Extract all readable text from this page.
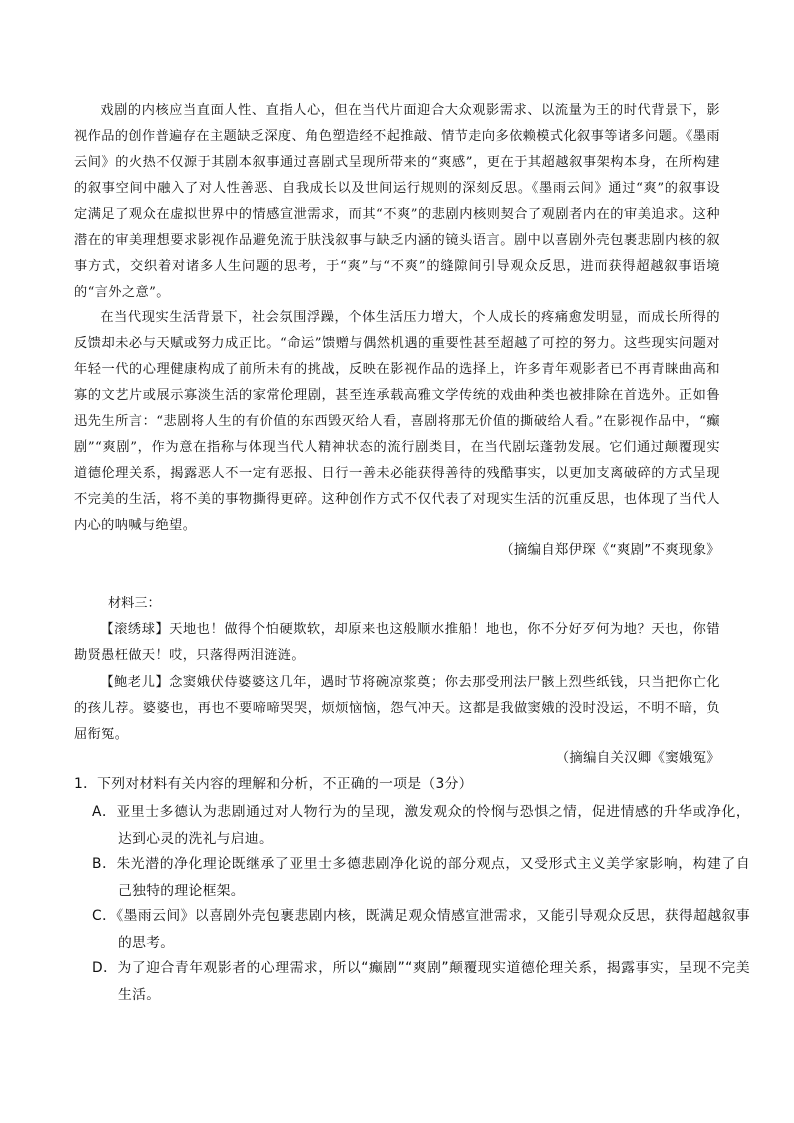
戏剧的内核应当直面人性、直指人心，但在当代片面迎合大众观影需求、以流量为王的时代背景下，影视作品的创作普遍存在主题缺乏深度、角色塑造经不起推敲、情节走向多依赖模式化叙事等诸多问题。《墨雨云间》的火热不仅源于其剧本叙事通过喜剧式呈现所带来的“爽感”，更在于其超越叙事架构本身，在所构建的叙事空间中融入了对人性善恶、自我成长以及世间运行规则的深刻反思。《墨雨云间》通过“爽”的叙事设定满足了观众在虚拟世界中的情感宣泄需求，而其“不爽”的悲剧内核则契合了观剧者内在的审美追求。这种潜在的审美理想要求影视作品避免流于肤浅叙事与缺乏内涵的镜头语言。剧中以喜剧外壳包裹悲剧内核的叙事方式，交织着对诸多人生问题的思考，于“爽”与“不爽”的缝隙间引导观众反思，进而获得超越叙事语境的“言外之意”。
在当代现实生活背景下，社会氛围浮躁，个体生活压力增大，个人成长的疼痛愈发明显，而成长所得的反馈却未必与天赋或努力成正比。“命运”馈赠与偶然机遇的重要性甚至超越了可控的努力。这些现实问题对年轻一代的心理健康构成了前所未有的挑战，反映在影视作品的选择上，许多青年观影者已不再青睐曲高和寡的文艺片或展示寡淡生活的家常伦理剧，甚至连承载高雅文学传统的戏曲种类也被排除在首选外。正如鲁迅先生所言：“悲剧将人生的有价值的东西毁灭给人看，喜剧将那无价值的撕破给人看。”在影视作品中，“癫剧”“爽剧”，作为意在指称与体现当代人精神状态的流行剧类目，在当代剧坛蓬勃发展。它们通过颠覆现实道德伦理关系，揭露恶人不一定有恶报、日行一善未必能获得善待的残酷事实，以更加支离破碎的方式呈现不完美的生活，将不美的事物撕得更碎。这种创作方式不仅代表了对现实生活的沉重反思，也体现了当代人内心的呐喊与绝望。
（摘编自郑伊琛《“爽剧”不爽现象》
材料三：
【滚绣球】天地也！做得个怕硬欺软，却原来也这般顺水推船！地也，你不分好歹何为地？天也，你错勘贤愚枉做天！哎，只落得两泪涟涟。
【鲍老儿】念窦娥伏侍婆婆这几年，遇时节将碗凉浆奠；你去那受刑法尸骸上烈些纸钱，只当把你亡化的孩儿荐。婆婆也，再也不要啼啼哭哭，烦烦恼恼，怨气冲天。这都是我做窦娥的没时没运，不明不暗，负屈衔冤。
（摘编自关汉卿《窦娥冤》
1．下列对材料有关内容的理解和分析，不正确的一项是（3分）
A．亚里士多德认为悲剧通过对人物行为的呈现，激发观众的怜悯与恐惧之情，促进情感的升华或净化，达到心灵的洗礼与启迪。
B．朱光潜的净化理论既继承了亚里士多德悲剧净化说的部分观点，又受形式主义美学家影响，构建了自己独特的理论框架。
C．《墨雨云间》以喜剧外壳包裹悲剧内核，既满足观众情感宣泄需求，又能引导观众反思，获得超越叙事的思考。
D．为了迎合青年观影者的心理需求，所以“癫剧”“爽剧”颠覆现实道德伦理关系，揭露事实，呈现不完美生活。
